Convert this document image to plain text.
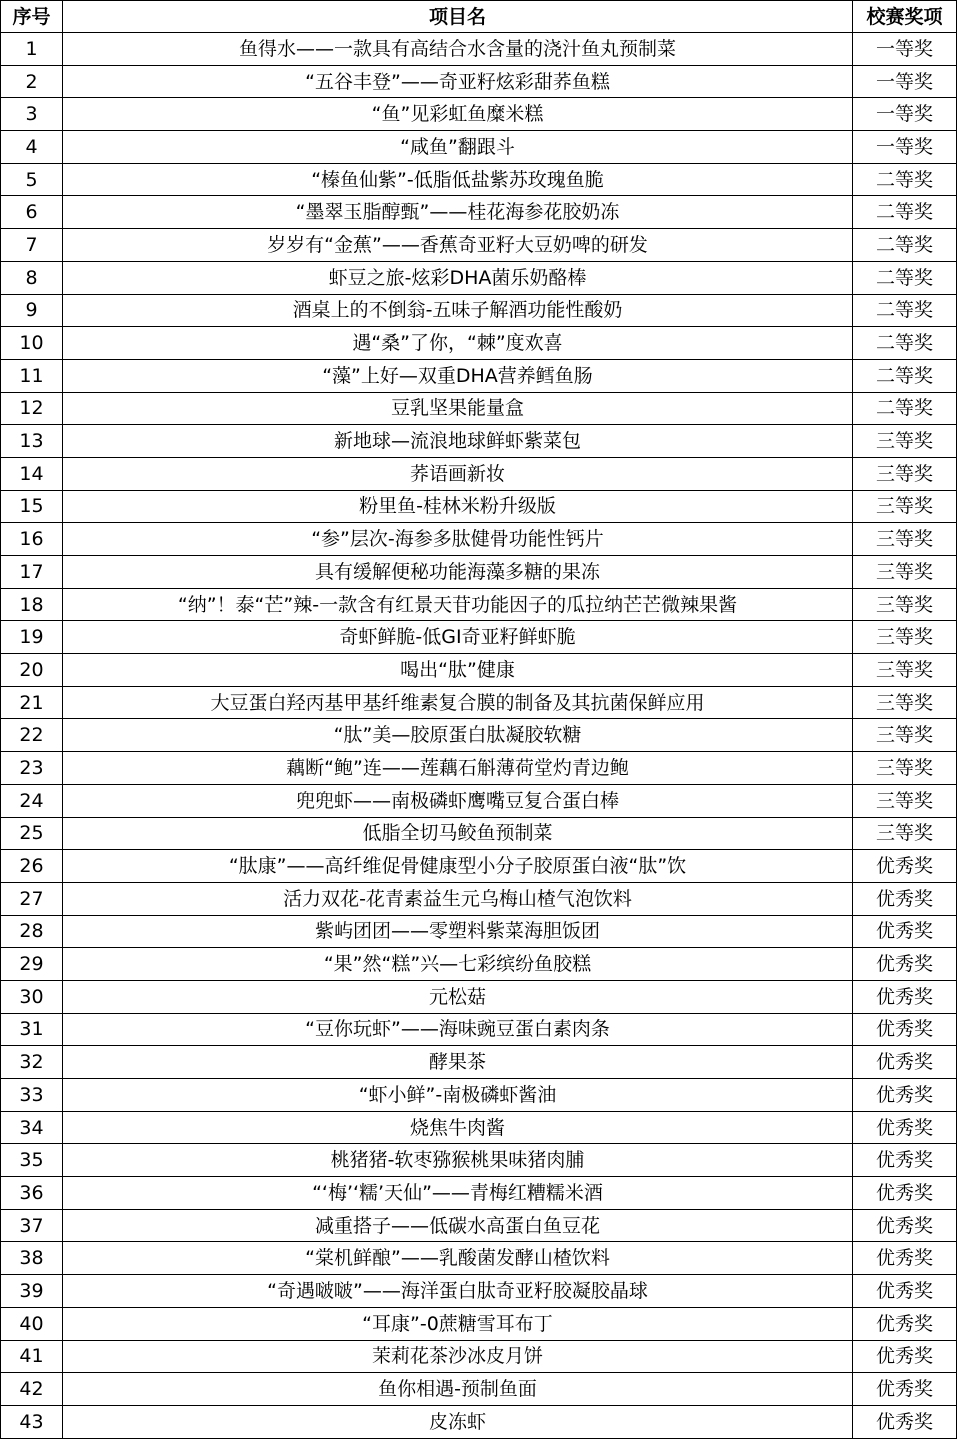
序号	项目名	校赛奖项
1	鱼得水——一款具有高结合水含量的浇汁鱼丸预制菜	一等奖
2	“五谷丰登”——奇亚籽炫彩甜荞鱼糕	一等奖
3	“鱼”见彩虹鱼糜米糕	一等奖
4	“咸鱼”翻跟斗	一等奖
5	“榛鱼仙紫”-低脂低盐紫苏玫瑰鱼脆	二等奖
6	“墨翠玉脂醇甄”——桂花海参花胶奶冻	二等奖
7	岁岁有“金蕉”——香蕉奇亚籽大豆奶啤的研发	二等奖
8	虾豆之旅-炫彩DHA菌乐奶酪棒	二等奖
9	酒桌上的不倒翁-五味子解酒功能性酸奶	二等奖
10	遇“桑”了你，“棘”度欢喜	二等奖
11	“藻”上好—双重DHA营养鳕鱼肠	二等奖
12	豆乳坚果能量盒	二等奖
13	新地球—流浪地球鲜虾紫菜包	三等奖
14	荞语画新妆	三等奖
15	粉里鱼-桂林米粉升级版	三等奖
16	“参”层次-海参多肽健骨功能性钙片	三等奖
17	具有缓解便秘功能海藻多糖的果冻	三等奖
18	“纳”！泰“芒”辣-一款含有红景天苷功能因子的瓜拉纳芒芒微辣果酱	三等奖
19	奇虾鲜脆-低GI奇亚籽鲜虾脆	三等奖
20	喝出“肽”健康	三等奖
21	大豆蛋白羟丙基甲基纤维素复合膜的制备及其抗菌保鲜应用	三等奖
22	“肽”美—胶原蛋白肽凝胶软糖	三等奖
23	藕断“鲍”连——莲藕石斛薄荷堂灼青边鲍	三等奖
24	兜兜虾——南极磷虾鹰嘴豆复合蛋白棒	三等奖
25	低脂全切马鲛鱼预制菜	三等奖
26	“肽康”——高纤维促骨健康型小分子胶原蛋白液“肽”饮	优秀奖
27	活力双花-花青素益生元乌梅山楂气泡饮料	优秀奖
28	紫屿团团——零塑料紫菜海胆饭团	优秀奖
29	“果”然“糕”兴—七彩缤纷鱼胶糕	优秀奖
30	元松菇	优秀奖
31	“豆你玩虾”——海味豌豆蛋白素肉条	优秀奖
32	酵果茶	优秀奖
33	“虾小鲜”-南极磷虾酱油	优秀奖
34	烧焦牛肉酱	优秀奖
35	桃猪猪-软枣猕猴桃果味猪肉脯	优秀奖
36	“‘梅’‘糯’天仙”——青梅红糟糯米酒	优秀奖
37	减重搭子——低碳水高蛋白鱼豆花	优秀奖
38	“棠机鲜酿”——乳酸菌发酵山楂饮料	优秀奖
39	“奇遇啵啵”——海洋蛋白肽奇亚籽胶凝胶晶球	优秀奖
40	“耳康”-0蔗糖雪耳布丁	优秀奖
41	茉莉花茶沙冰皮月饼	优秀奖
42	鱼你相遇-预制鱼面	优秀奖
43	皮冻虾	优秀奖
